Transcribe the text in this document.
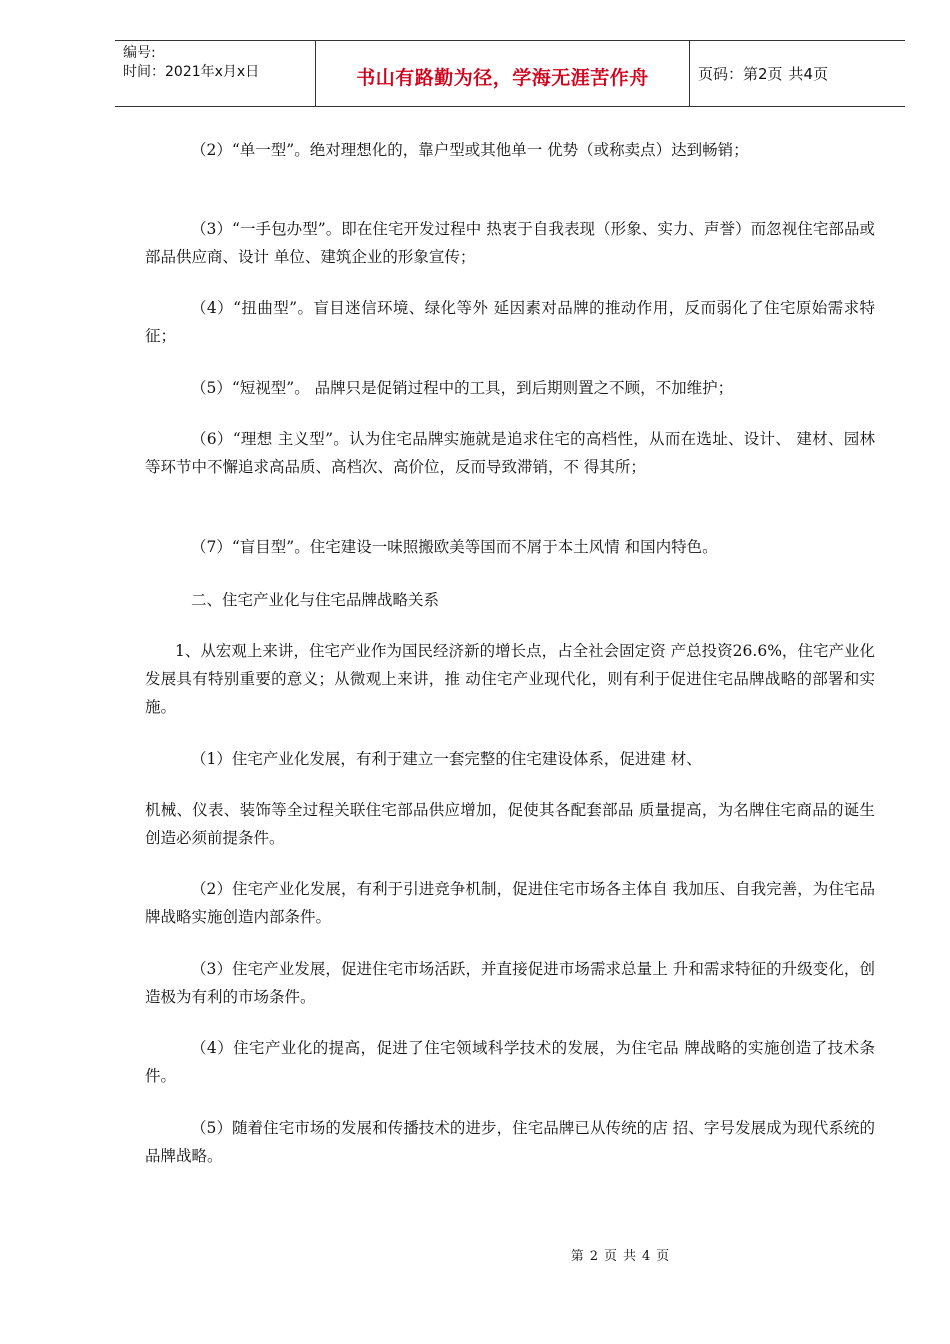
编号:
时间：2021年x月x日	书山有路勤为径，学海无涯苦作舟	页码：第2页 共4页

（2）“单一型”。绝对理想化的，靠户型或其他单一 优势（或称卖点）达到畅销；

（3）“一手包办型”。即在住宅开发过程中 热衷于自我表现（形象、实力、声誉）而忽视住宅部品或部品供应商、设计 单位、建筑企业的形象宣传；

（4）“扭曲型”。盲目迷信环境、绿化等外 延因素对品牌的推动作用，反而弱化了住宅原始需求特征；

（5）“短视型”。 品牌只是促销过程中的工具，到后期则置之不顾，不加维护；

（6）“理想 主义型”。认为住宅品牌实施就是追求住宅的高档性，从而在选址、设计、 建材、园林等环节中不懈追求高品质、高档次、高价位，反而导致滞销，不 得其所；

（7）“盲目型”。住宅建设一味照搬欧美等国而不屑于本土风情 和国内特色。

二、住宅产业化与住宅品牌战略关系

1、从宏观上来讲，住宅产业作为国民经济新的增长点，占全社会固定资 产总投资26.6%，住宅产业化发展具有特别重要的意义；从微观上来讲，推 动住宅产业现代化，则有利于促进住宅品牌战略的部署和实施。

（1）住宅产业化发展，有利于建立一套完整的住宅建设体系，促进建 材、

机械、仪表、装饰等全过程关联住宅部品供应增加，促使其各配套部品 质量提高，为名牌住宅商品的诞生创造必须前提条件。

（2）住宅产业化发展，有利于引进竞争机制，促进住宅市场各主体自 我加压、自我完善，为住宅品牌战略实施创造内部条件。

（3）住宅产业发展，促进住宅市场活跃，并直接促进市场需求总量上 升和需求特征的升级变化，创造极为有利的市场条件。

（4）住宅产业化的提高，促进了住宅领域科学技术的发展，为住宅品 牌战略的实施创造了技术条件。

（5）随着住宅市场的发展和传播技术的进步，住宅品牌已从传统的店 招、字号发展成为现代系统的品牌战略。

第 2 页 共 4 页
